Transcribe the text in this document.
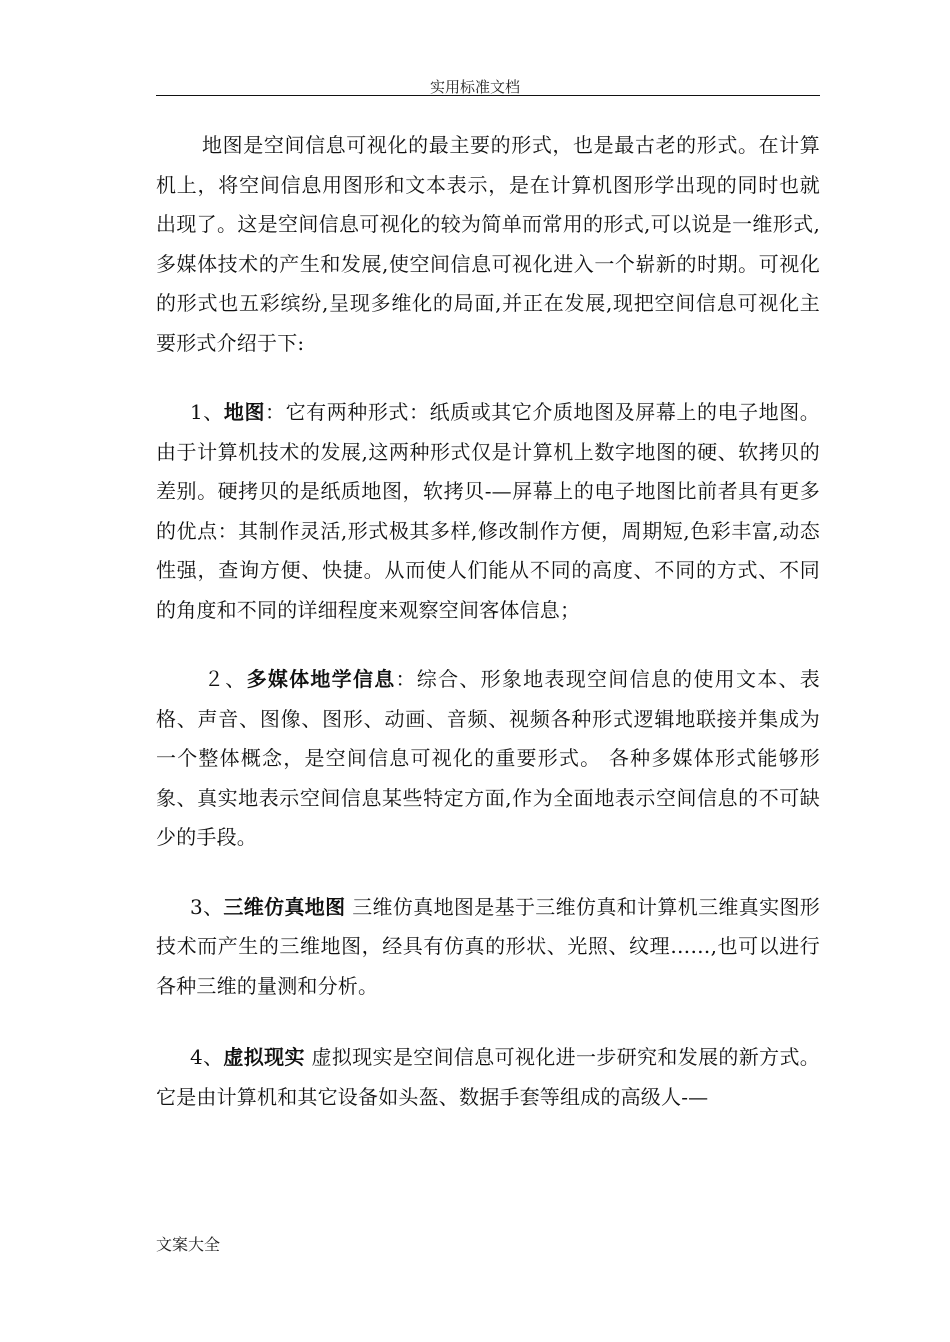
实用标准文档

地图是空间信息可视化的最主要的形式，也是最古老的形式。在计算机上，将空间信息用图形和文本表示，是在计算机图形学出现的同时也就出现了。这是空间信息可视化的较为简单而常用的形式,可以说是一维形式,多媒体技术的产生和发展,使空间信息可视化进入一个崭新的时期。可视化的形式也五彩缤纷,呈现多维化的局面,并正在发展,现把空间信息可视化主要形式介绍于下:

1、地图：它有两种形式：纸质或其它介质地图及屏幕上的电子地图。由于计算机技术的发展,这两种形式仅是计算机上数字地图的硬、软拷贝的差别。硬拷贝的是纸质地图，软拷贝-—屏幕上的电子地图比前者具有更多的优点：其制作灵活,形式极其多样,修改制作方便，周期短,色彩丰富,动态性强，查询方便、快捷。从而使人们能从不同的高度、不同的方式、不同的角度和不同的详细程度来观察空间客体信息；

２、多媒体地学信息：综合、形象地表现空间信息的使用文本、表格、声音、图像、图形、动画、音频、视频各种形式逻辑地联接并集成为一个整体概念，是空间信息可视化的重要形式。 各种多媒体形式能够形象、真实地表示空间信息某些特定方面,作为全面地表示空间信息的不可缺少的手段。

3、三维仿真地图 三维仿真地图是基于三维仿真和计算机三维真实图形技术而产生的三维地图，经具有仿真的形状、光照、纹理……,也可以进行各种三维的量测和分析。

4、虚拟现实 虚拟现实是空间信息可视化进一步研究和发展的新方式。它是由计算机和其它设备如头盔、数据手套等组成的高级人-—

文案大全
